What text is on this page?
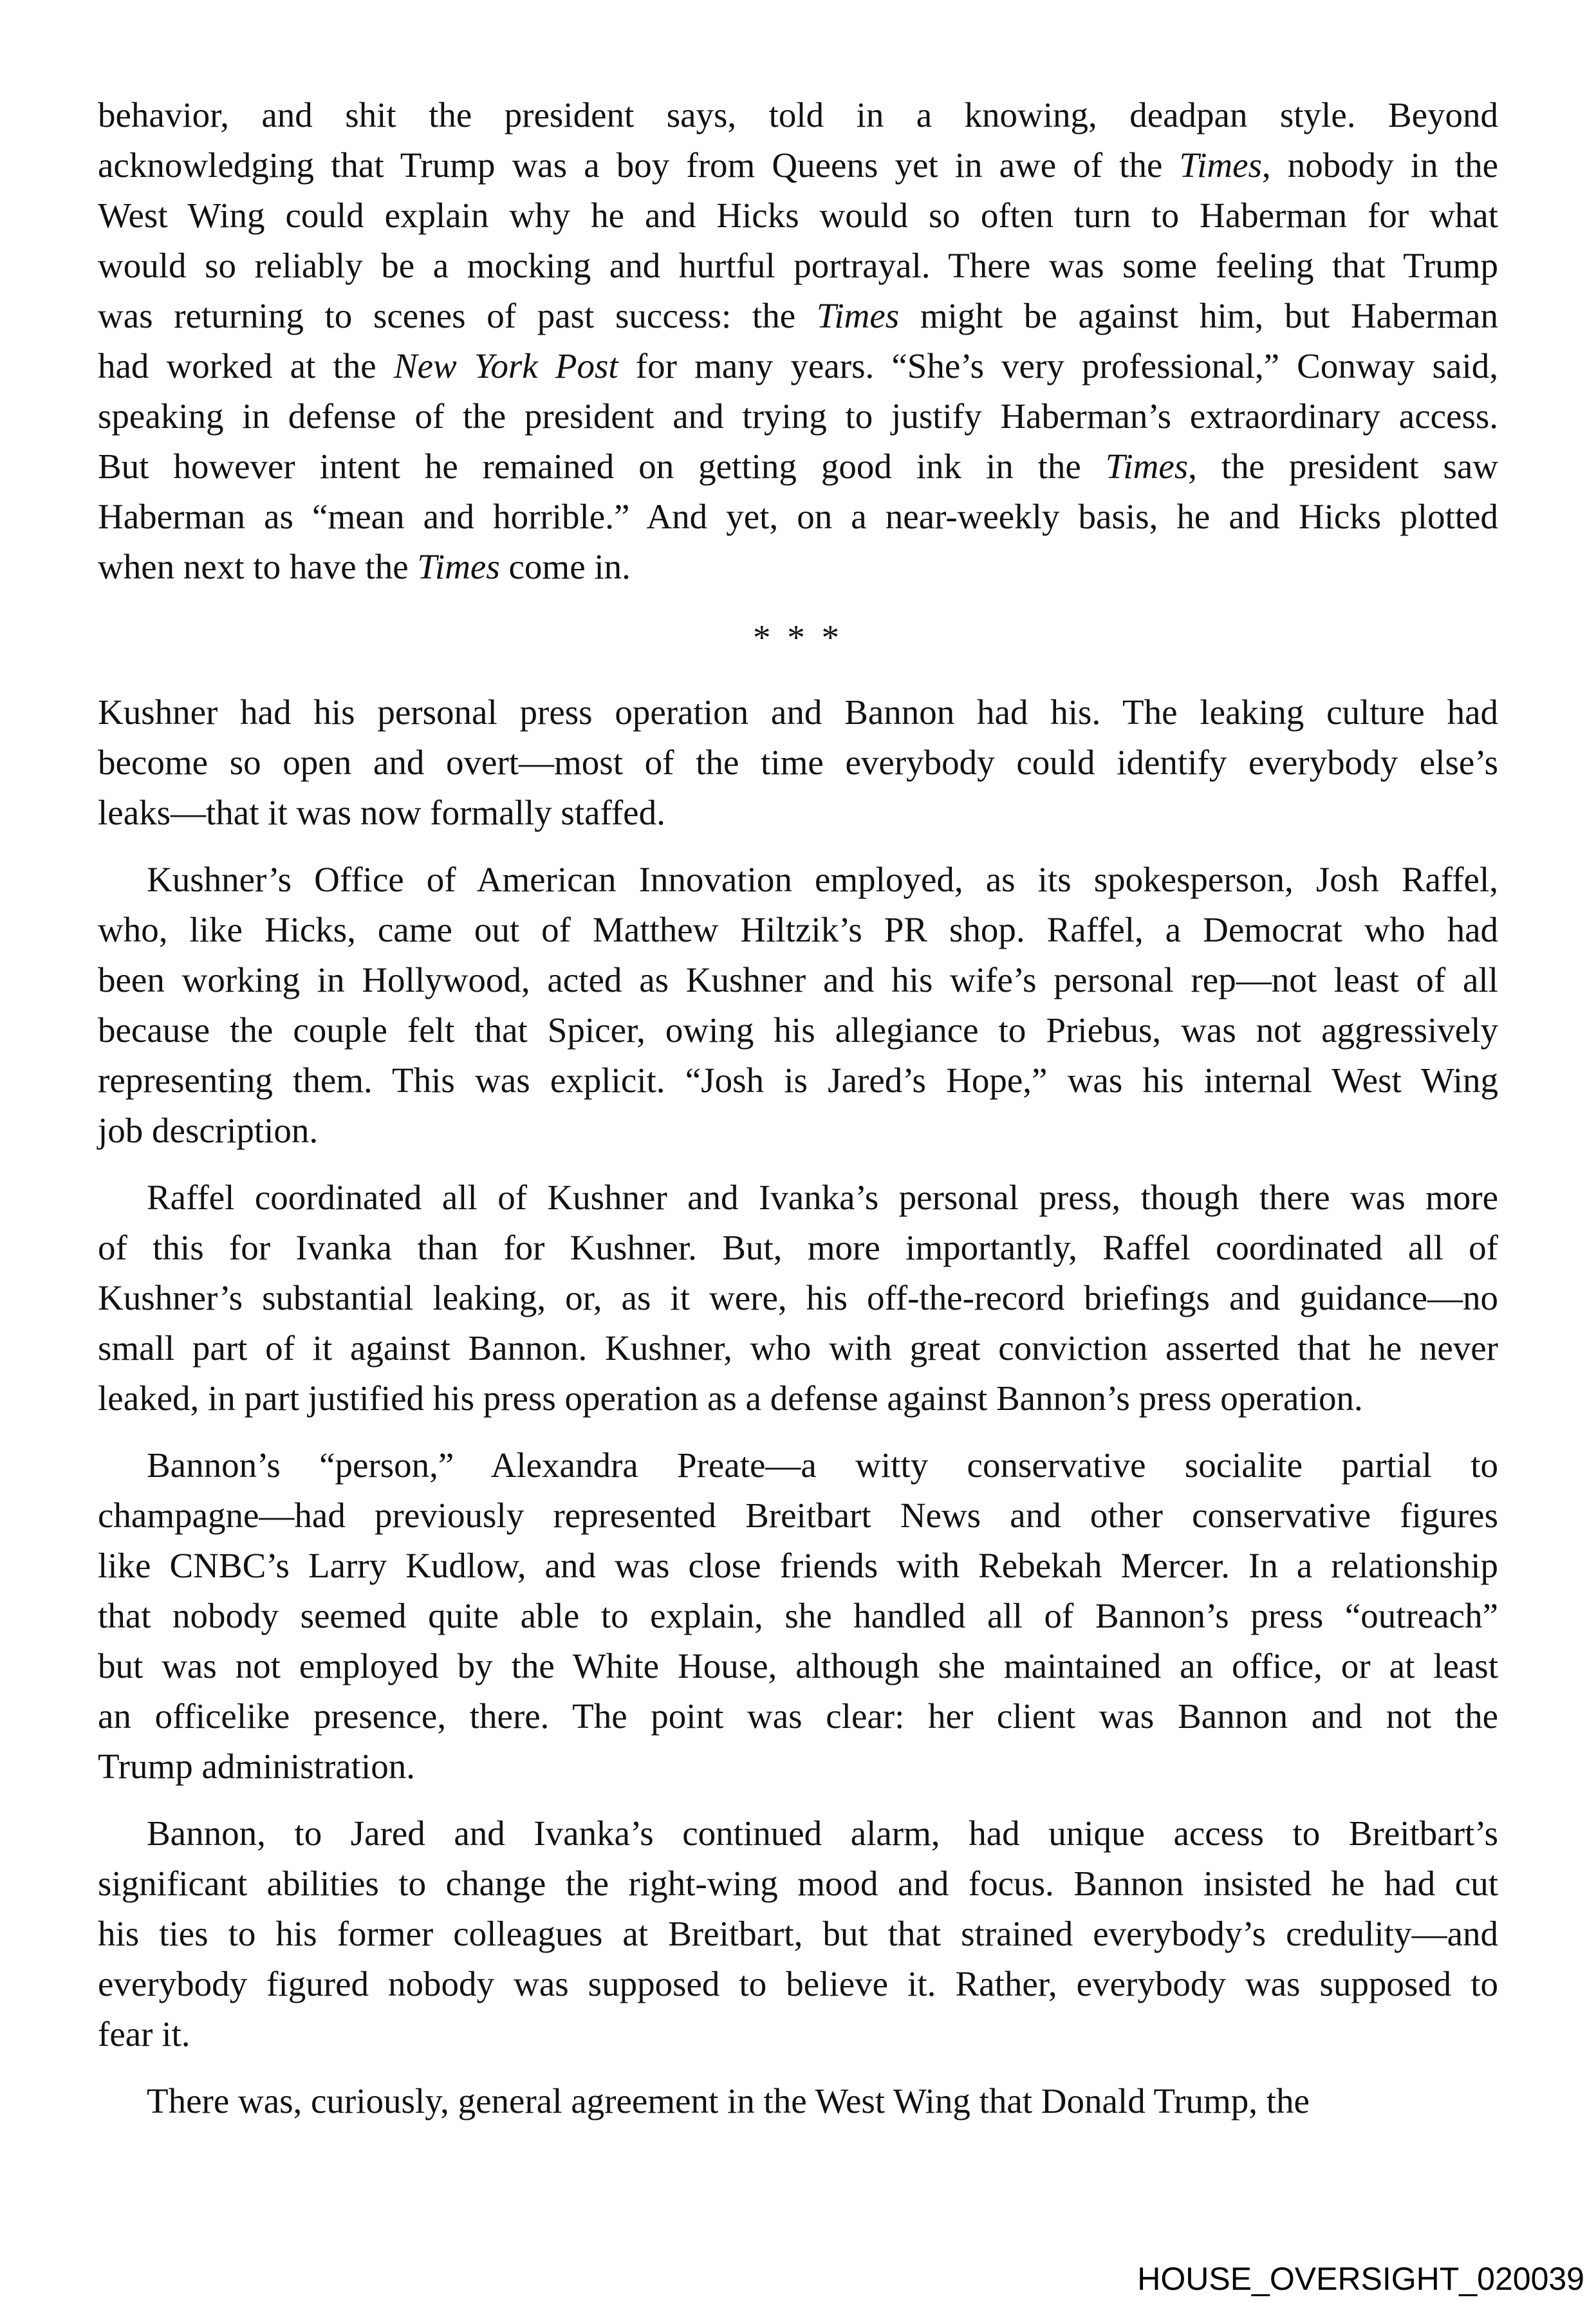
behavior, and shit the president says, told in a knowing, deadpan style. Beyond
acknowledging that Trump was a boy from Queens yet in awe of the Times, nobody in the
West Wing could explain why he and Hicks would so often turn to Haberman for what
would so reliably be a mocking and hurtful portrayal. There was some feeling that Trump
was returning to scenes of past success: the Times might be against him, but Haberman
had worked at the New York Post for many years. “She’s very professional,” Conway said,
speaking in defense of the president and trying to justify Haberman’s extraordinary access.
But however intent he remained on getting good ink in the Times, the president saw
Haberman as “mean and horrible.” And yet, on a near-weekly basis, he and Hicks plotted
when next to have the Times come in.
* * *
Kushner had his personal press operation and Bannon had his. The leaking culture had
become so open and overt—most of the time everybody could identify everybody else’s
leaks—that it was now formally staffed.
Kushner’s Office of American Innovation employed, as its spokesperson, Josh Raffel,
who, like Hicks, came out of Matthew Hiltzik’s PR shop. Raffel, a Democrat who had
been working in Hollywood, acted as Kushner and his wife’s personal rep—not least of all
because the couple felt that Spicer, owing his allegiance to Priebus, was not aggressively
representing them. This was explicit. “Josh is Jared’s Hope,” was his internal West Wing
job description.
Raffel coordinated all of Kushner and Ivanka’s personal press, though there was more
of this for Ivanka than for Kushner. But, more importantly, Raffel coordinated all of
Kushner’s substantial leaking, or, as it were, his off-the-record briefings and guidance—no
small part of it against Bannon. Kushner, who with great conviction asserted that he never
leaked, in part justified his press operation as a defense against Bannon’s press operation.
Bannon’s “person,” Alexandra Preate—a witty conservative socialite partial to
champagne—had previously represented Breitbart News and other conservative figures
like CNBC’s Larry Kudlow, and was close friends with Rebekah Mercer. In a relationship
that nobody seemed quite able to explain, she handled all of Bannon’s press “outreach”
but was not employed by the White House, although she maintained an office, or at least
an officelike presence, there. The point was clear: her client was Bannon and not the
Trump administration.
Bannon, to Jared and Ivanka’s continued alarm, had unique access to Breitbart’s
significant abilities to change the right-wing mood and focus. Bannon insisted he had cut
his ties to his former colleagues at Breitbart, but that strained everybody’s credulity—and
everybody figured nobody was supposed to believe it. Rather, everybody was supposed to
fear it.
There was, curiously, general agreement in the West Wing that Donald Trump, the
HOUSE_OVERSIGHT_020039
